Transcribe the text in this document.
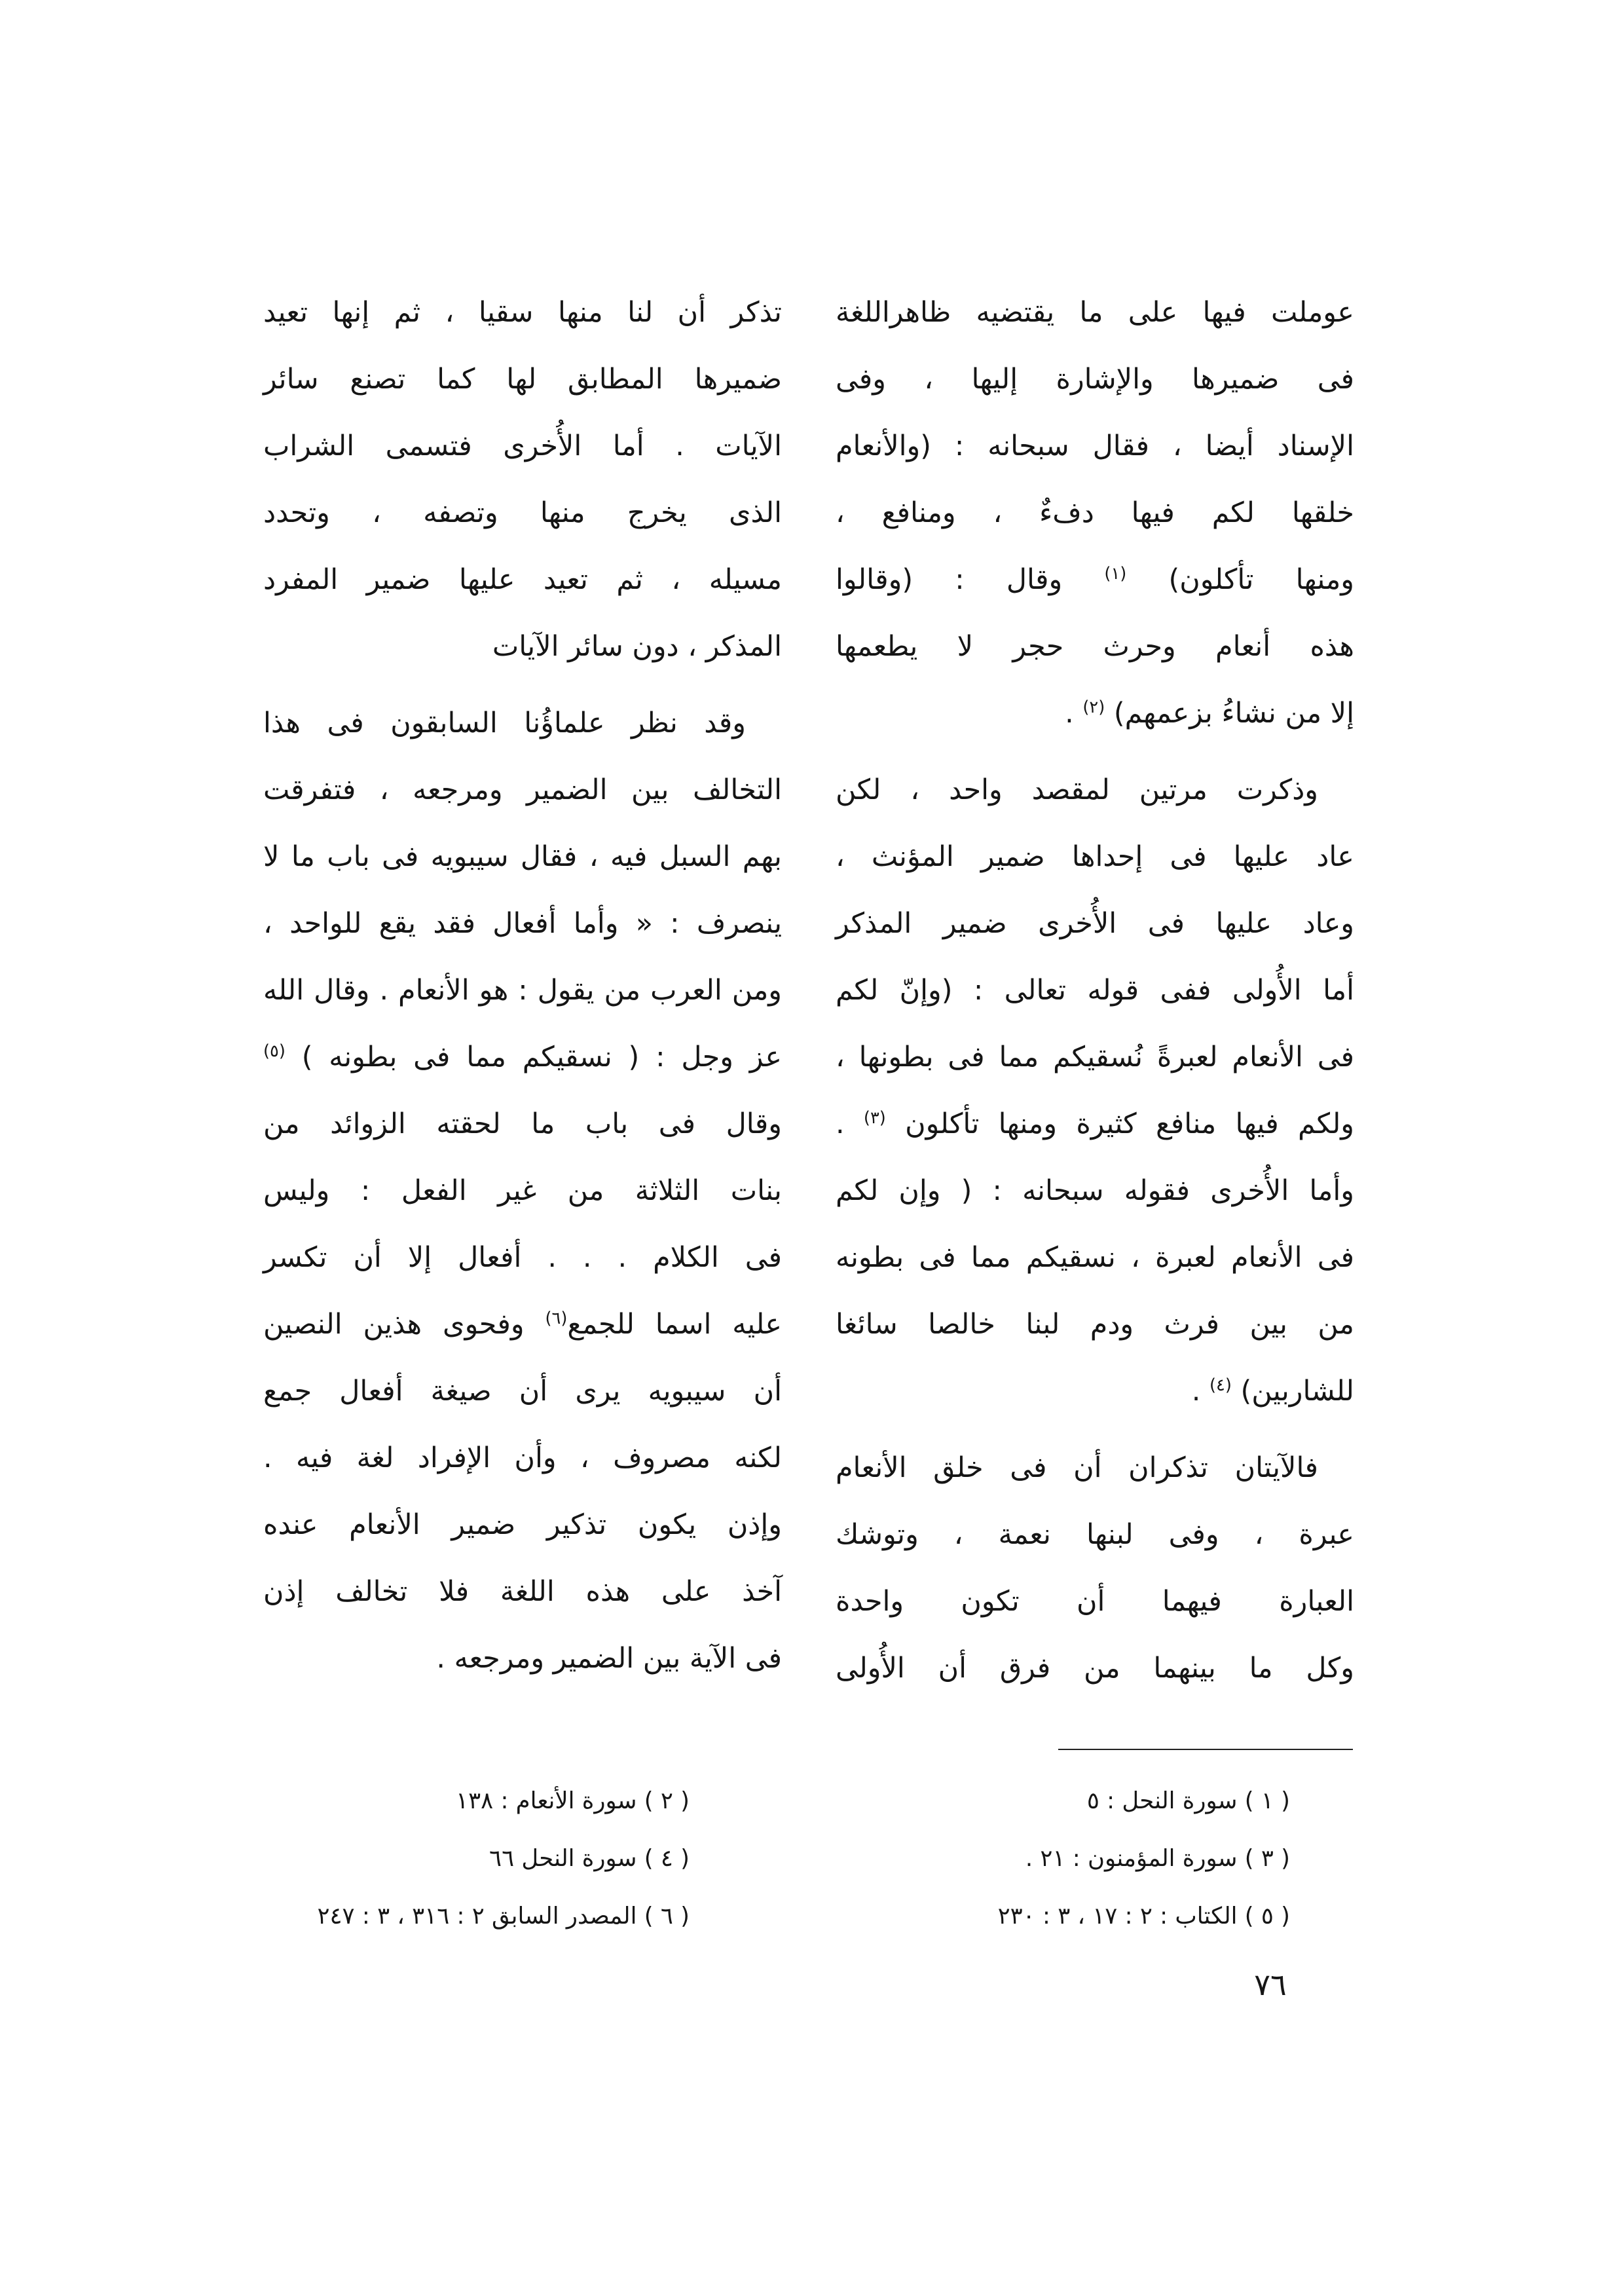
عوملت فيها على ما يقتضيه ظاهراللغة
فى ضميرها والإشارة إليها ، وفى
الإسناد أيضا ، فقال سبحانه : (والأنعام
خلقها لكم فيها دفءٌ ، ومنافع ،
ومنها تأكلون) $^{(١)}$ وقال : (وقالوا
هذه أنعام وحرث حجر لا يطعمها
إلا من نشاءُ بزعمهم) $^{(٢)}$ .
وذكرت مرتين لمقصد واحد ، لكن
عاد عليها فى إحداها ضمير المؤنث ،
وعاد عليها فى الأُخرى ضمير المذكر
أما الأُولى ففى قوله تعالى : (وإنّ لكم
فى الأنعام لعبرةً نُسقيكم مما فى بطونها ،
ولكم فيها منافع كثيرة ومنها تأكلون $^{(٣)}$ .
وأما الأُخرى فقوله سبحانه : ( وإن لكم
فى الأنعام لعبرة ، نسقيكم مما فى بطونه
من بين فرث ودم لبنا خالصا سائغا
للشاربين) $^{(٤)}$ .
فالآيتان تذكران أن فى خلق الأنعام
عبرة ، وفى لبنها نعمة ، وتوشك
العبارة فيهما أن تكون واحدة
وكل ما بينهما من فرق أن الأُولى
تذكر أن لنا منها سقيا ، ثم إنها تعيد
ضميرها المطابق لها كما تصنع سائر
الآيات . أما الأُخرى فتسمى الشراب
الذى يخرج منها وتصفه ، وتحدد
مسيله ، ثم تعيد عليها ضمير المفرد
المذكر ، دون سائر الآيات
وقد نظر علماؤُنا السابقون فى هذا
التخالف بين الضمير ومرجعه ، فتفرقت
بهم السبل فيه ، فقال سيبويه فى باب ما لا
ينصرف : « وأما أفعال فقد يقع للواحد ،
ومن العرب من يقول : هو الأنعام . وقال الله
عز وجل : ( نسقيكم مما فى بطونه ) $^{(٥)}$
وقال فى باب ما لحقته الزوائد من
بنات الثلاثة من غير الفعل : وليس
فى الكلام . . . أفعال إلا أن تكسر
عليه اسما للجمع$^{(٦)}$ وفحوى هذين النصين
أن سيبويه يرى أن صيغة أفعال جمع
لكنه مصروف ، وأن الإفراد لغة فيه .
وإذن يكون تذكير ضمير الأنعام عنده
آخذ على هذه اللغة فلا تخالف إذن
فى الآية بين الضمير ومرجعه .
( ١ ) سورة النحل : ٥
( ٣ ) سورة المؤمنون : ٢١ .
( ٥ ) الكتاب : ٢ : ١٧ ، ٣ : ٢٣٠
( ٢ ) سورة الأنعام : ١٣٨
( ٤ ) سورة النحل ٦٦
( ٦ ) المصدر السابق ٢ : ٣١٦ ، ٣ : ٢٤٧
٧٦
